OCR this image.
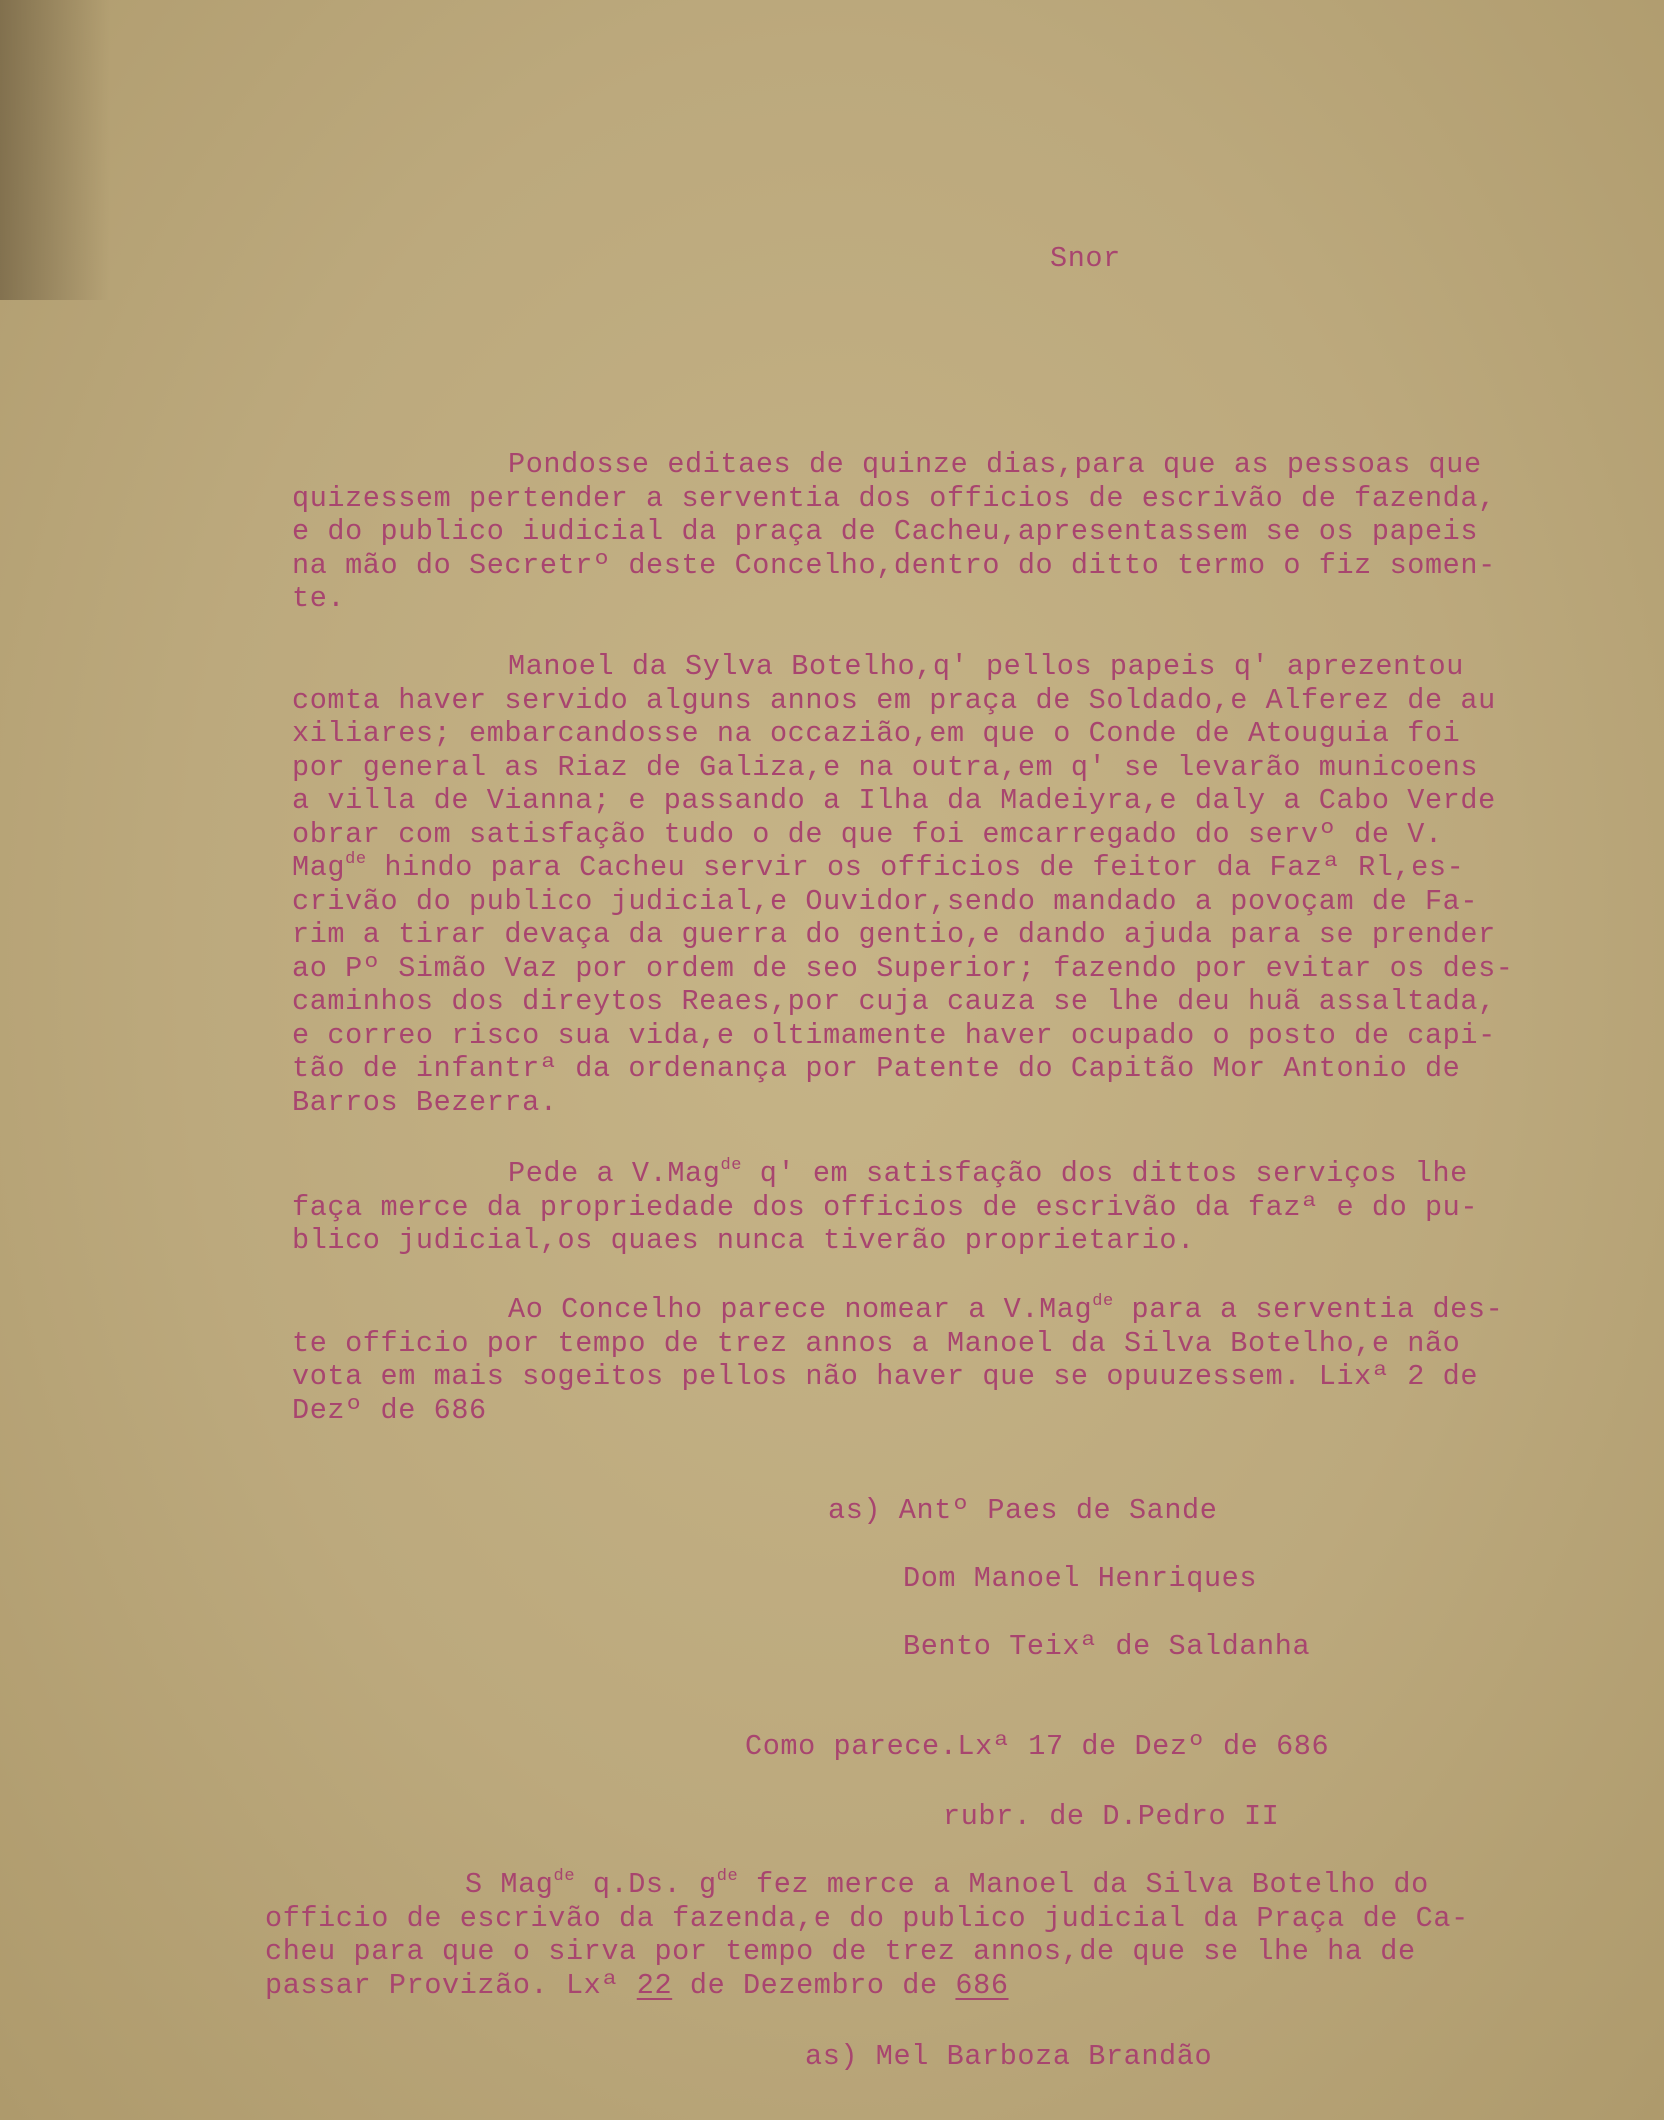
Snor

Pondosse editaes de quinze dias,para que as pessoas que

quizessem pertender a serventia dos officios de escrivão de fazenda,

e do publico iudicial da praça de Cacheu,apresentassem se os papeis

na mão do Secretrº deste Concelho,dentro do ditto termo o fiz somen-

te.

Manoel da Sylva Botelho,q' pellos papeis q' aprezentou

comta haver servido alguns annos em praça de Soldado,e Alferez de au

xiliares; embarcandosse na occazião,em que o Conde de Atouguia foi

por general as Riaz de Galiza,e na outra,em q' se levarão municoens

a villa de Vianna; e passando a Ilha da Madeiyra,e daly a Cabo Verde

obrar com satisfação tudo o de que foi emcarregado do servº de V.

Mag$^{de}$ hindo para Cacheu servir os officios de feitor da Fazª Rl,es-

crivão do publico judicial,e Ouvidor,sendo mandado a povoçam de Fa-

rim a tirar devaça da guerra do gentio,e dando ajuda para se prender

ao Pº Simão Vaz por ordem de seo Superior; fazendo por evitar os des-

caminhos dos direytos Reaes,por cuja cauza se lhe deu huã assaltada,

e correo risco sua vida,e oltimamente haver ocupado o posto de capi-

tão de infantrª da ordenança por Patente do Capitão Mor Antonio de

Barros Bezerra.

Pede a V.Mag$^{de}$ q' em satisfação dos dittos serviços lhe

faça merce da propriedade dos officios de escrivão da fazª e do pu-

blico judicial,os quaes nunca tiverão proprietario.

Ao Concelho parece nomear a V.Mag$^{de}$ para a serventia des-

te officio por tempo de trez annos a Manoel da Silva Botelho,e não

vota em mais sogeitos pellos não haver que se opuuzessem. Lixª 2 de

Dezº de 686

as) Antº Paes de Sande

Dom Manoel Henriques

Bento Teixª de Saldanha

Como parece.Lxª 17 de Dezº de 686

rubr. de D.Pedro II

S Mag$^{de}$ q.Ds. $g^{de}$ fez merce a Manoel da Silva Botelho do

officio de escrivão da fazenda,e do publico judicial da Praça de Ca-

cheu para que o sirva por tempo de trez annos,de que se lhe ha de

passar Provizão. Lxª 22 de Dezembro de 686

as) Mel Barboza Brandão
